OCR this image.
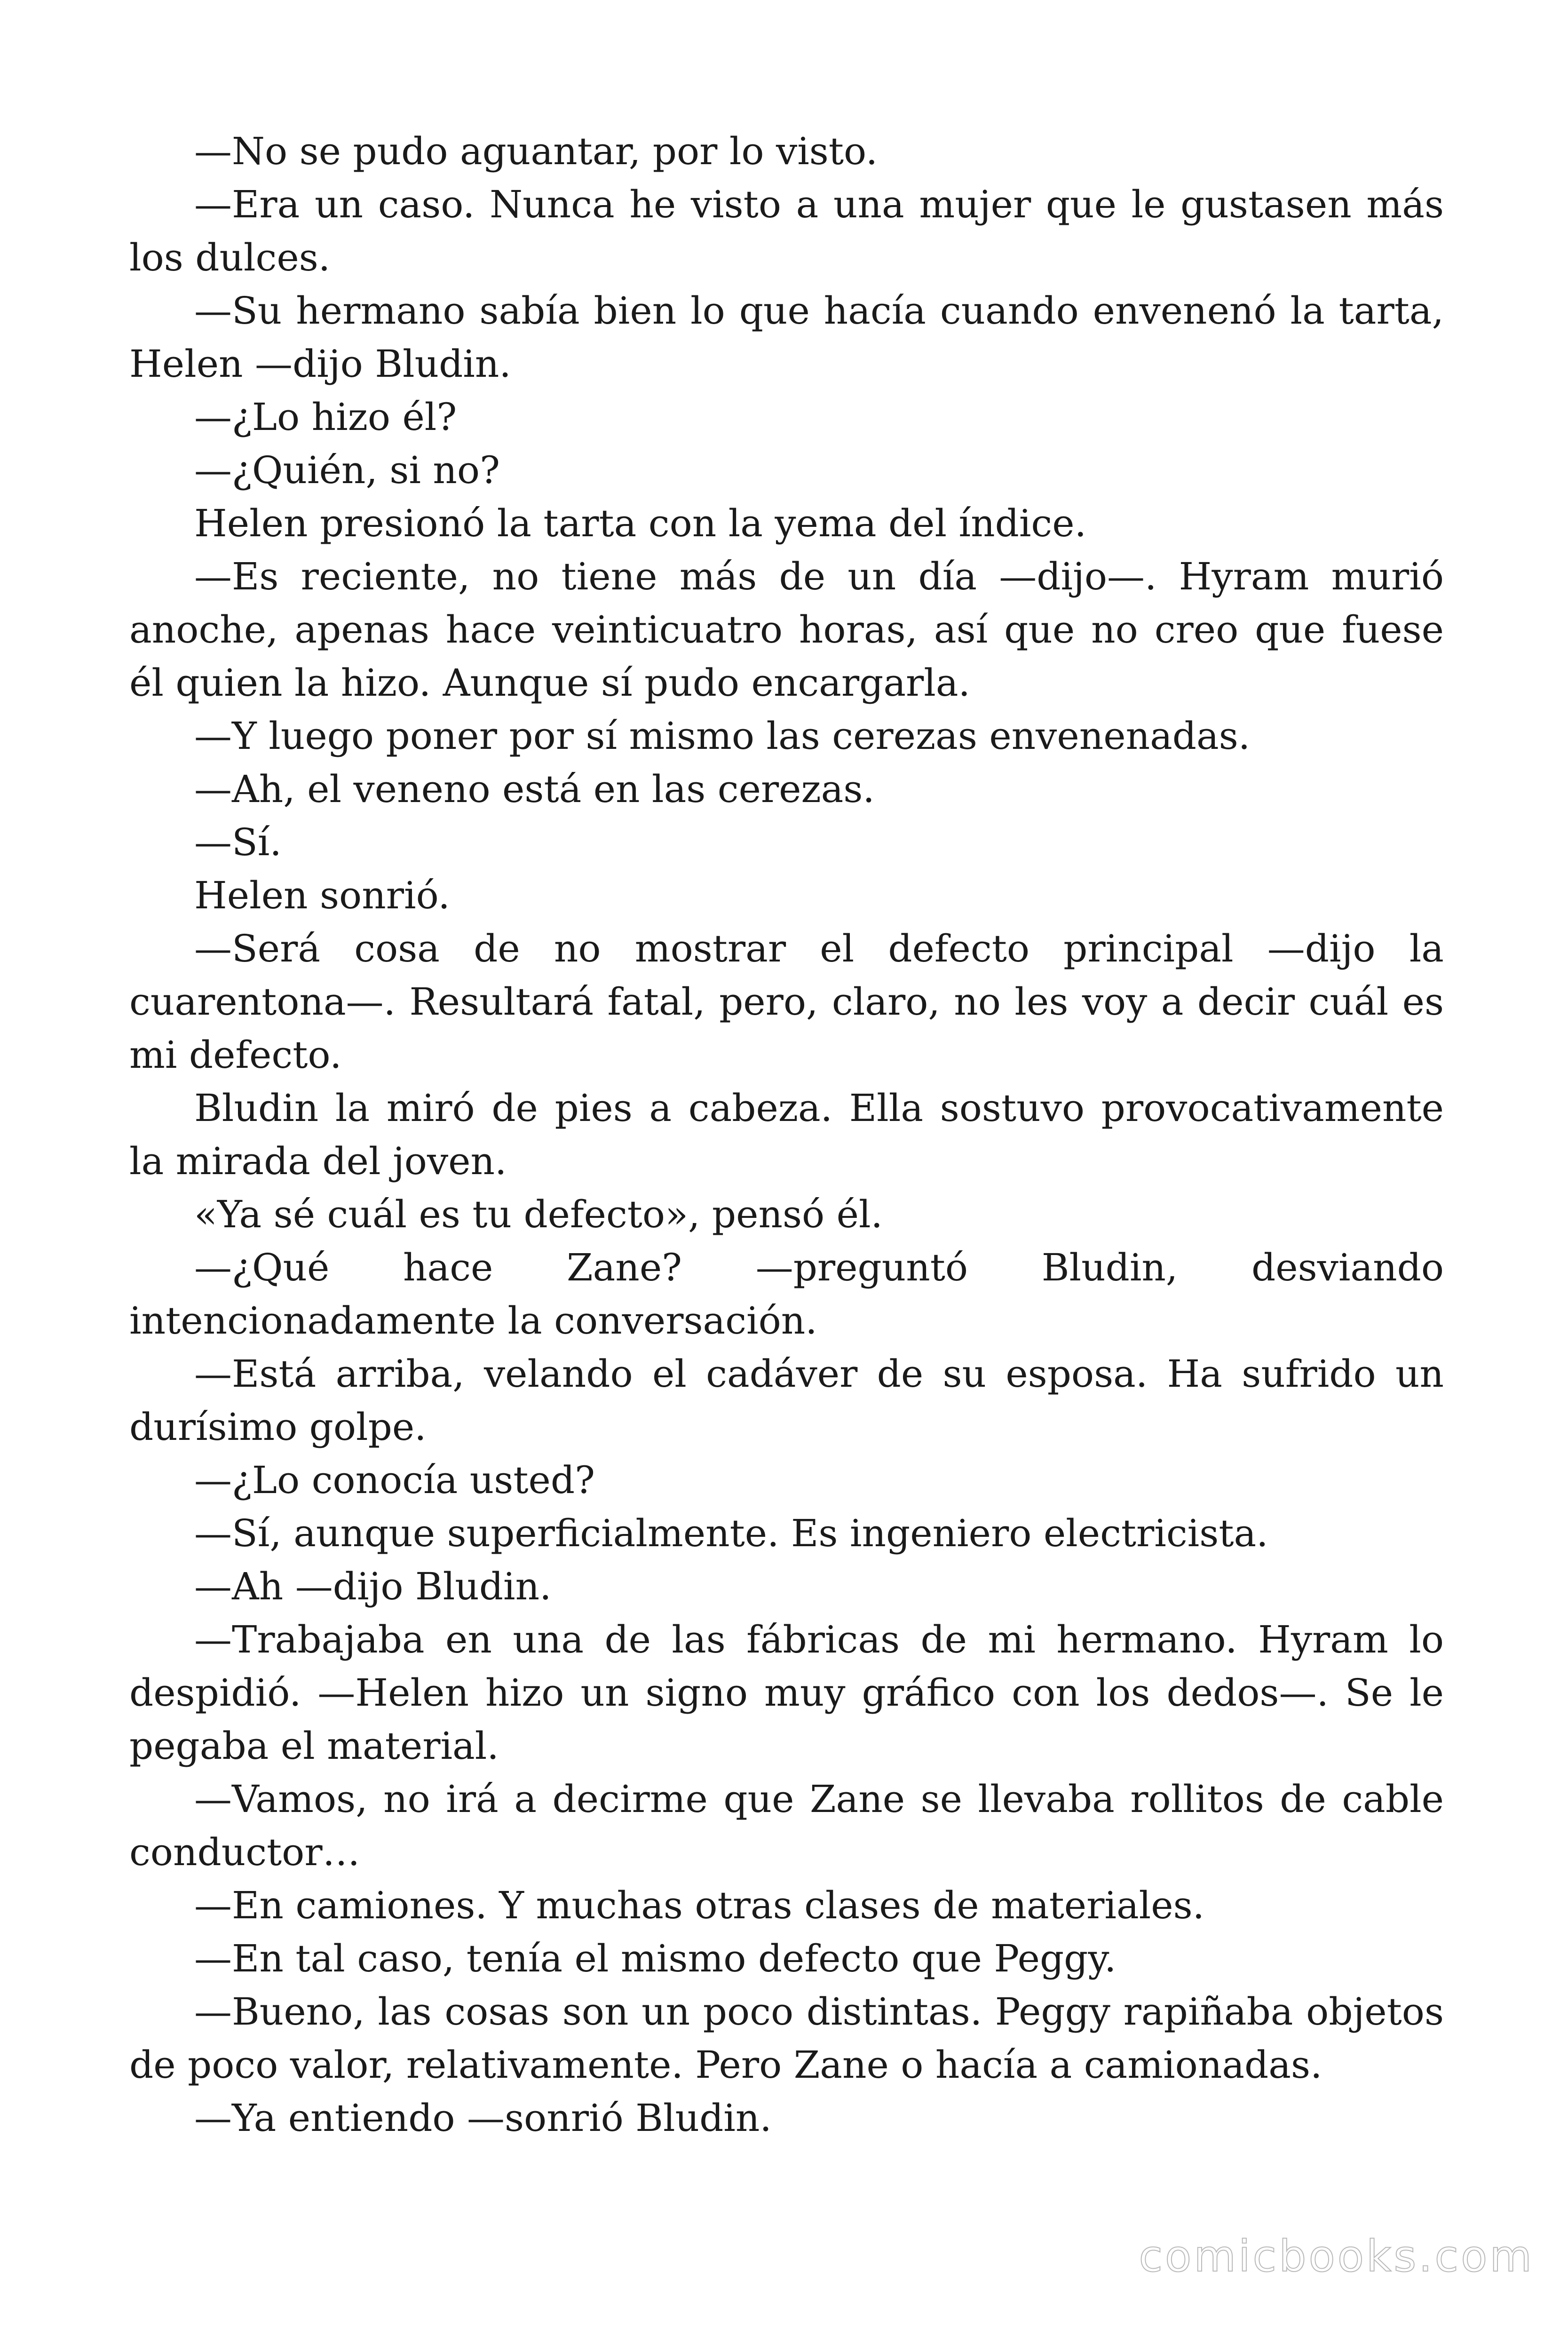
—No se pudo aguantar, por lo visto.

—Era un caso. Nunca he visto a una mujer que le gustasen más los dulces.

—Su hermano sabía bien lo que hacía cuando envenenó la tarta, Helen —dijo Bludin.

—¿Lo hizo él?

—¿Quién, si no?

Helen presionó la tarta con la yema del índice.

—Es reciente, no tiene más de un día —dijo—. Hyram murió anoche, apenas hace veinticuatro horas, así que no creo que fuese él quien la hizo. Aunque sí pudo encargarla.

—Y luego poner por sí mismo las cerezas envenenadas.

—Ah, el veneno está en las cerezas.

—Sí.

Helen sonrió.

—Será cosa de no mostrar el defecto principal —dijo la cuarentona—. Resultará fatal, pero, claro, no les voy a decir cuál es mi defecto.

Bludin la miró de pies a cabeza. Ella sostuvo provocativamente la mirada del joven.

«Ya sé cuál es tu defecto», pensó él.

—¿Qué hace Zane? —preguntó Bludin, desviando intencionadamente la conversación.

—Está arriba, velando el cadáver de su esposa. Ha sufrido un durísimo golpe.

—¿Lo conocía usted?

—Sí, aunque superficialmente. Es ingeniero electricista.

—Ah —dijo Bludin.

—Trabajaba en una de las fábricas de mi hermano. Hyram lo despidió. —Helen hizo un signo muy gráfico con los dedos—. Se le pegaba el material.

—Vamos, no irá a decirme que Zane se llevaba rollitos de cable conductor…

—En camiones. Y muchas otras clases de materiales.

—En tal caso, tenía el mismo defecto que Peggy.

—Bueno, las cosas son un poco distintas. Peggy rapiñaba objetos de poco valor, relativamente. Pero Zane o hacía a camionadas.

—Ya entiendo —sonrió Bludin.

comicbooks.com
